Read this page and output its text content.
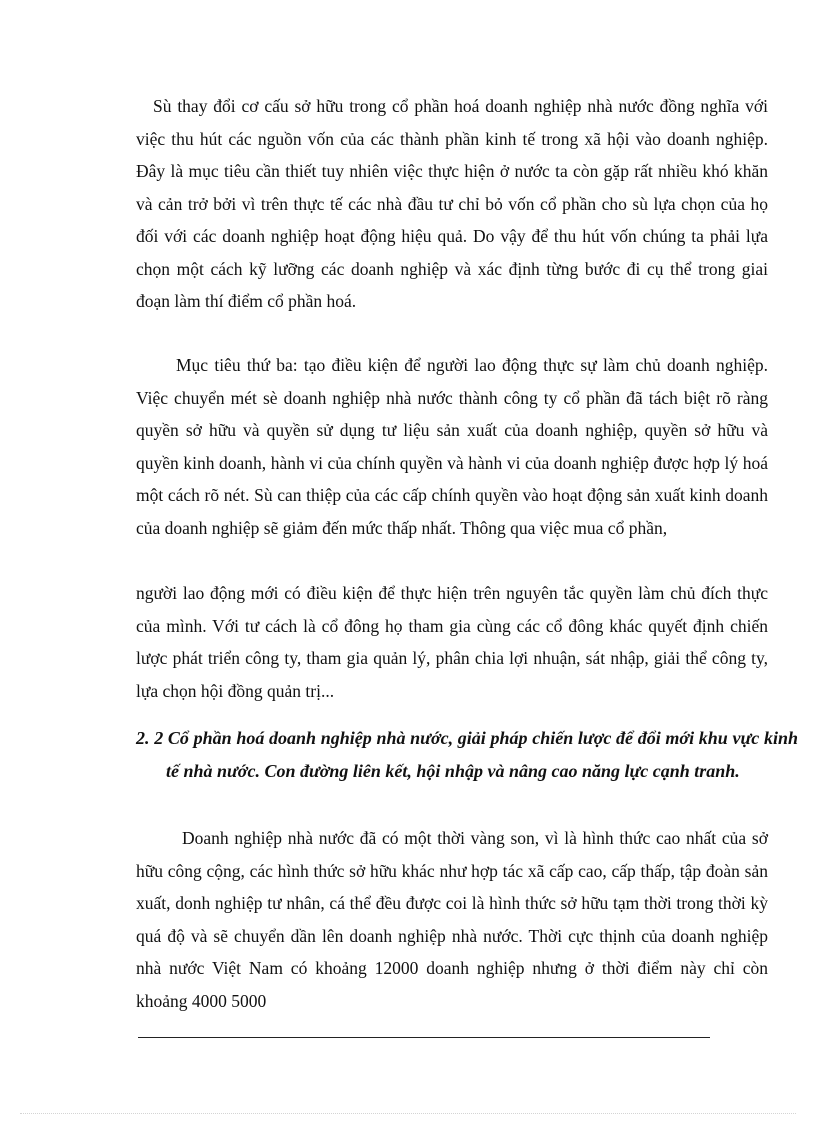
Sù thay đổi cơ cấu sở hữu trong cổ phần hoá doanh nghiệp nhà nước đồng nghĩa với việc thu hút các nguồn vốn của các thành phần kinh tế trong xã hội vào doanh nghiệp. Đây là mục tiêu cần thiết tuy nhiên việc thực hiện ở nước ta còn gặp rất nhiều khó khăn và cản trở bởi vì trên thực tế các nhà đầu tư chỉ bỏ vốn cổ phần cho sù lựa chọn của họ đối với các doanh nghiệp hoạt động hiệu quả. Do vậy để thu hút vốn chúng ta phải lựa chọn một cách kỹ lưỡng các doanh nghiệp và xác định từng bước đi cụ thể trong giai đoạn làm thí điểm cổ phần hoá.

Mục tiêu thứ ba: tạo điều kiện để người lao động thực sự làm chủ doanh nghiệp. Việc chuyển mét sè doanh nghiệp nhà nước thành công ty cổ phần đã tách biệt rõ ràng quyền sở hữu và quyền sử dụng tư liệu sản xuất của doanh nghiệp, quyền sở hữu và quyền kinh doanh, hành vi của chính quyền và hành vi của doanh nghiệp được hợp lý hoá một cách rõ nét. Sù can thiệp của các cấp chính quyền vào hoạt động sản xuất kinh doanh của doanh nghiệp sẽ giảm đến mức thấp nhất. Thông qua việc mua cổ phần,

người lao động mới có điều kiện để thực hiện trên nguyên tắc quyền làm chủ đích thực của mình. Với tư cách là cổ đông họ tham gia cùng các cổ đông khác quyết định chiến lược phát triển công ty, tham gia quản lý, phân chia lợi nhuận, sát nhập, giải thể công ty, lựa chọn hội đồng quản trị...

2. 2 Cổ phần hoá doanh nghiệp nhà nước, giải pháp chiến lược để đổi mới khu vực kinh tế nhà nước. Con đường liên kết, hội nhập và nâng cao năng lực cạnh tranh.

Doanh nghiệp nhà nước đã có một thời vàng son, vì là hình thức cao nhất của sở hữu công cộng, các hình thức sở hữu khác như hợp tác xã cấp cao, cấp thấp, tập đoàn sản xuất, donh nghiệp tư nhân, cá thể đều được coi là hình thức sở hữu tạm thời trong thời kỳ quá độ và sẽ chuyển dần lên doanh nghiệp nhà nước. Thời cực thịnh của doanh nghiệp nhà nước Việt Nam có khoảng 12000 doanh nghiệp nhưng ở thời điểm này chỉ còn khoảng 4000 5000
